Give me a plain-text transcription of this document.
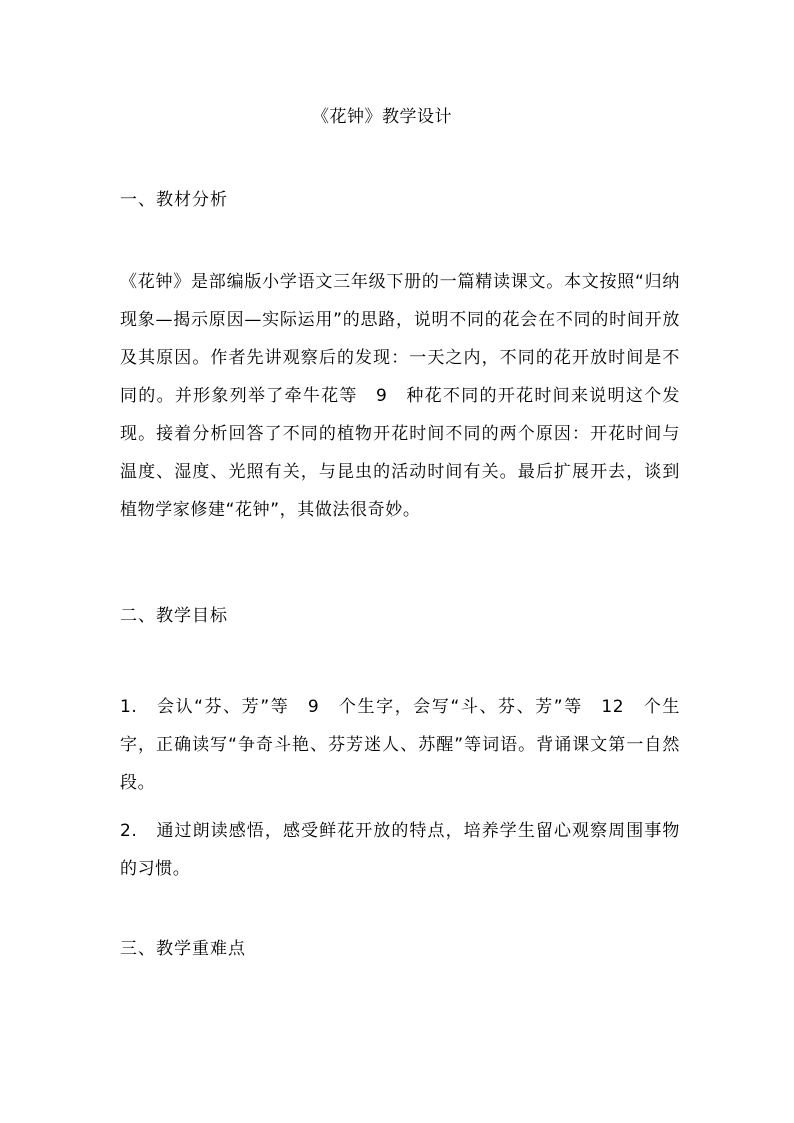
《花钟》教学设计
一、教材分析

《花钟》是部编版小学语文三年级下册的一篇精读课文。本文按照“归纳现象—揭示原因—实际运用”的思路，说明不同的花会在不同的时间开放及其原因。作者先讲观察后的发现：一天之内，不同的花开放时间是不同的。并形象列举了牵牛花等　9　种花不同的开花时间来说明这个发现。接着分析回答了不同的植物开花时间不同的两个原因：开花时间与温度、湿度、光照有关，与昆虫的活动时间有关。最后扩展开去，谈到植物学家修建“花钟”，其做法很奇妙。

二、教学目标

1. 会认“芬、芳”等　9　个生字，会写“斗、芬、芳”等　12　个生字，正确读写“争奇斗艳、芬芳迷人、苏醒”等词语。背诵课文第一自然段。

2. 通过朗读感悟，感受鲜花开放的特点，培养学生留心观察周围事物的习惯。

三、教学重难点
